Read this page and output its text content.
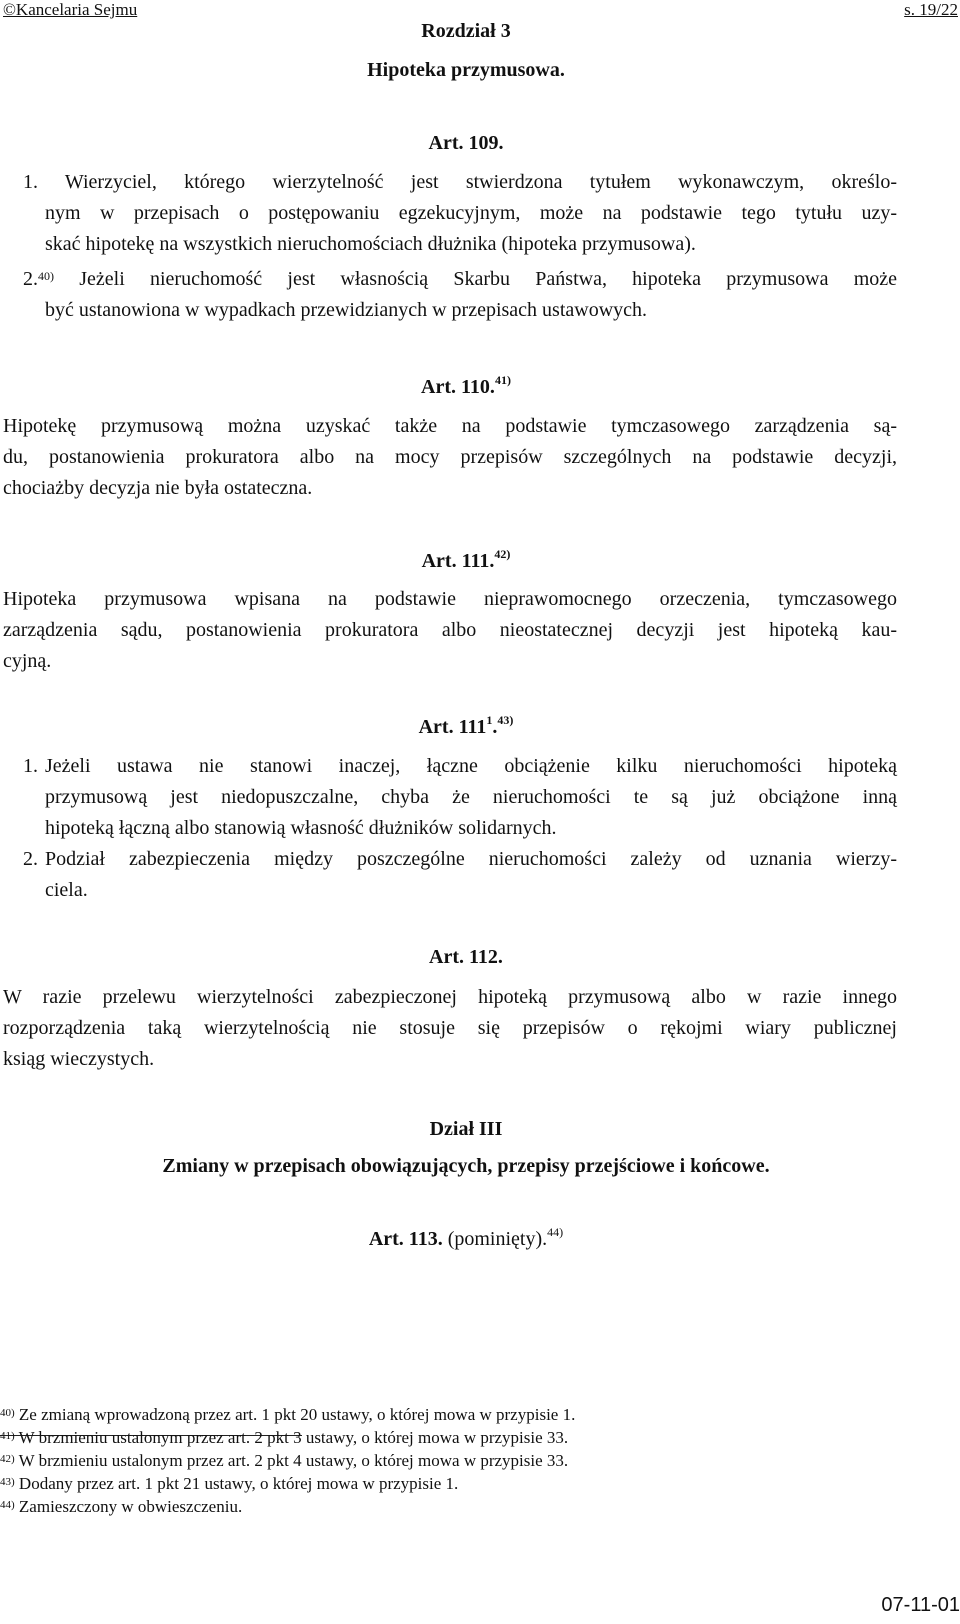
©Kancelaria Sejmu	s. 19/22
Rozdział 3
Hipoteka przymusowa.
Art. 109.
1. Wierzyciel, którego wierzytelność jest stwierdzona tytułem wykonawczym, określo-
nym w przepisach o postępowaniu egzekucyjnym, może na podstawie tego tytułu uzy-
skać hipotekę na wszystkich nieruchomościach dłużnika (hipoteka przymusowa).
2.$^{40)}$ Jeżeli nieruchomość jest własnością Skarbu Państwa, hipoteka przymusowa może
być ustanowiona w wypadkach przewidzianych w przepisach ustawowych.
Art. 110.$^{41)}$
Hipotekę przymusową można uzyskać także na podstawie tymczasowego zarządzenia są-
du, postanowienia prokuratora albo na mocy przepisów szczególnych na podstawie decyzji,
chociażby decyzja nie była ostateczna.
Art. 111.$^{42)}$
Hipoteka przymusowa wpisana na podstawie nieprawomocnego orzeczenia, tymczasowego
zarządzenia sądu, postanowienia prokuratora albo nieostatecznej decyzji jest hipoteką kau-
cyjną.
Art. $111^1.^{43)}$
1. Jeżeli ustawa nie stanowi inaczej, łączne obciążenie kilku nieruchomości hipoteką
przymusową jest niedopuszczalne, chyba że nieruchomości te są już obciążone inną
hipoteką łączną albo stanowią własność dłużników solidarnych.
2. Podział zabezpieczenia między poszczególne nieruchomości zależy od uznania wierzy-
ciela.
Art. 112.
W razie przelewu wierzytelności zabezpieczonej hipoteką przymusową albo w razie innego
rozporządzenia taką wierzytelnością nie stosuje się przepisów o rękojmi wiary publicznej
ksiąg wieczystych.
Dział III
Zmiany w przepisach obowiązujących, przepisy przejściowe i końcowe.
Art. 113. (pominięty).$^{44)}$
$^{40)}$ Ze zmianą wprowadzoną przez art. 1 pkt 20 ustawy, o której mowa w przypisie 1.
$^{41)}$ W brzmieniu ustalonym przez art. 2 pkt 3 ustawy, o której mowa w przypisie 33.
$^{42)}$ W brzmieniu ustalonym przez art. 2 pkt 4 ustawy, o której mowa w przypisie 33.
$^{43)}$ Dodany przez art. 1 pkt 21 ustawy, o której mowa w przypisie 1.
$^{44)}$ Zamieszczony w obwieszczeniu.
07-11-01
